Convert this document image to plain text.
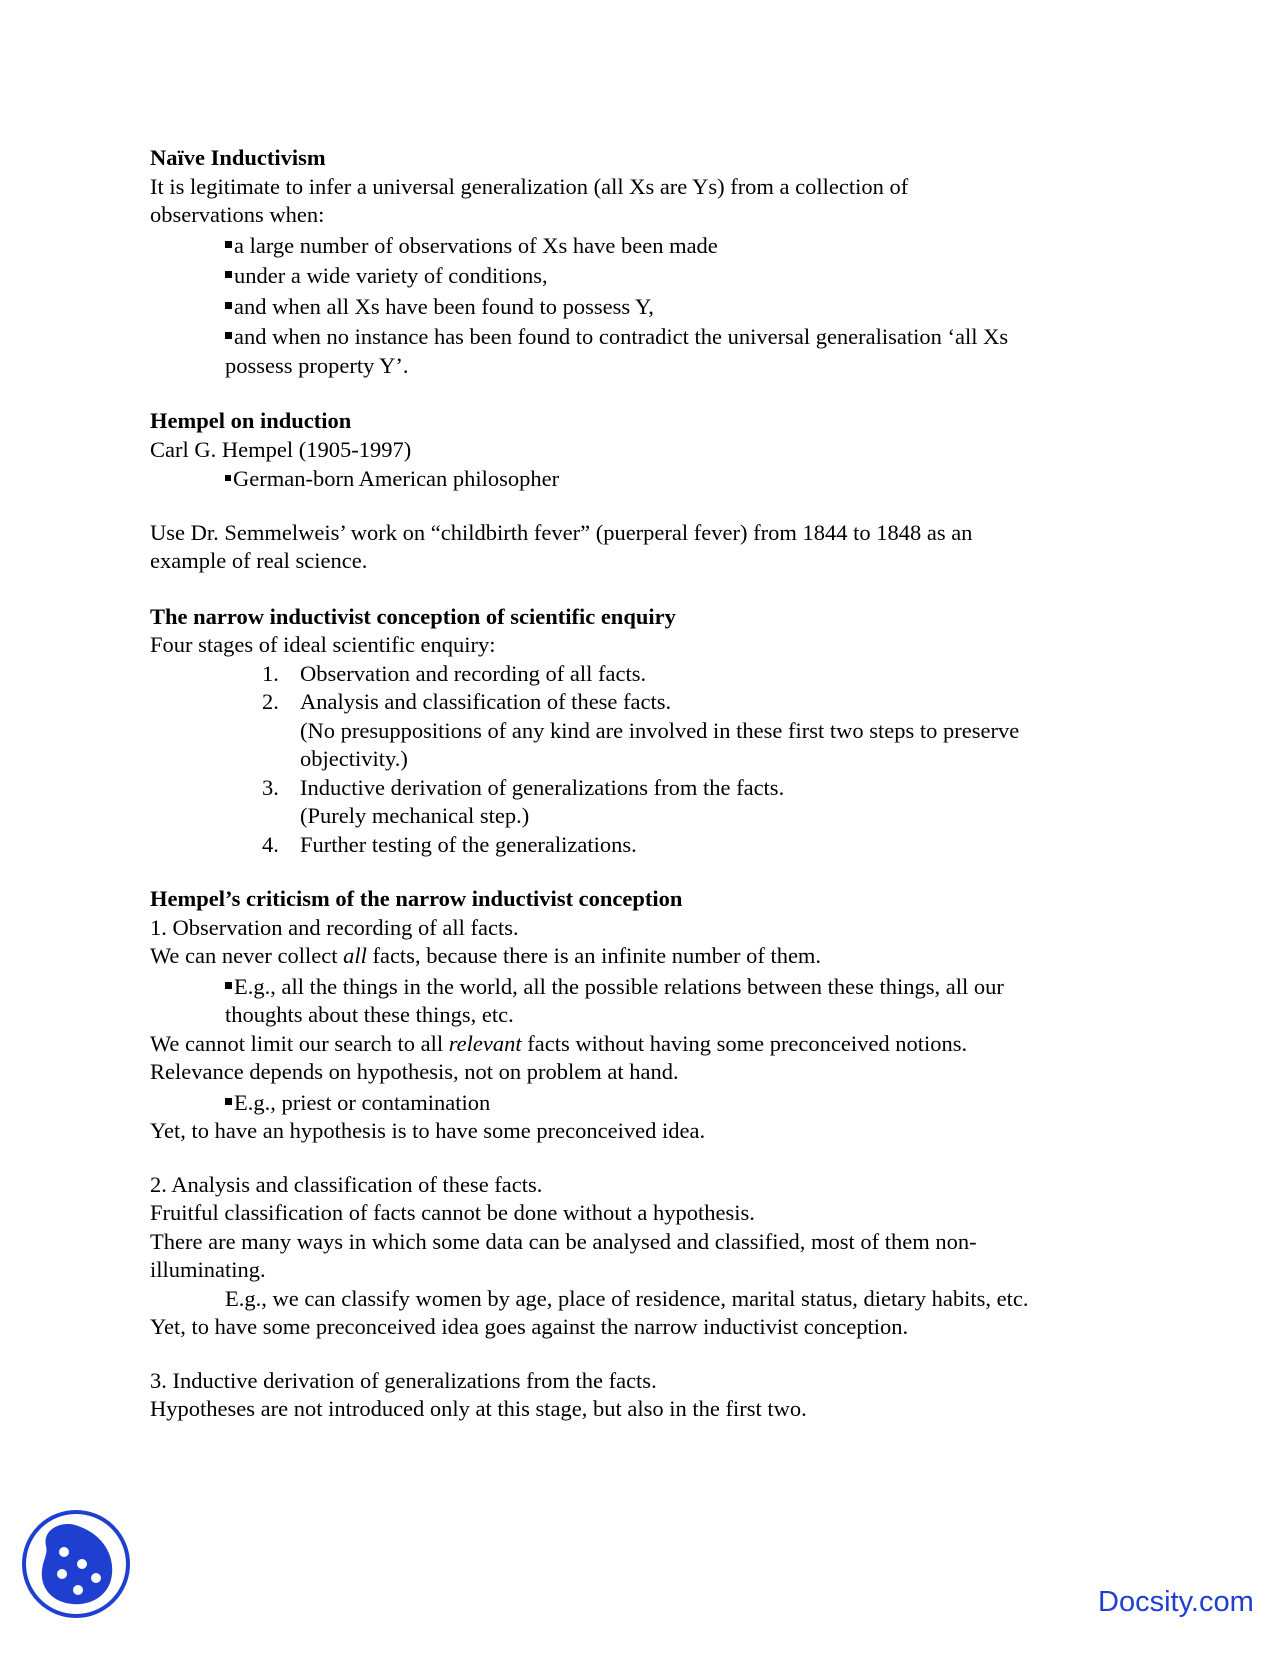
Naïve Inductivism
It is legitimate to infer a universal generalization (all Xs are Ys) from a collection of observations when:
a large number of observations of Xs have been made
under a wide variety of conditions,
and when all Xs have been found to possess Y,
and when no instance has been found to contradict the universal generalisation ‘all Xs possess property Y’.
Hempel on induction
Carl G. Hempel (1905-1997)
German-born American philosopher
Use Dr. Semmelweis’ work on “childbirth fever” (puerperal fever) from 1844 to 1848 as an example of real science.
The narrow inductivist conception of scientific enquiry
Four stages of ideal scientific enquiry:
1. Observation and recording of all facts.
2. Analysis and classification of these facts.
(No presuppositions of any kind are involved in these first two steps to preserve objectivity.)
3. Inductive derivation of generalizations from the facts.
(Purely mechanical step.)
4. Further testing of the generalizations.
Hempel’s criticism of the narrow inductivist conception
1. Observation and recording of all facts.
We can never collect all facts, because there is an infinite number of them.
E.g., all the things in the world, all the possible relations between these things, all our thoughts about these things, etc.
We cannot limit our search to all relevant facts without having some preconceived notions.
Relevance depends on hypothesis, not on problem at hand.
E.g., priest or contamination
Yet, to have an hypothesis is to have some preconceived idea.
2. Analysis and classification of these facts.
Fruitful classification of facts cannot be done without a hypothesis.
There are many ways in which some data can be analysed and classified, most of them non-illuminating.
E.g., we can classify women by age, place of residence, marital status, dietary habits, etc.
Yet, to have some preconceived idea goes against the narrow inductivist conception.
3. Inductive derivation of generalizations from the facts.
Hypotheses are not introduced only at this stage, but also in the first two.
Docsity.com
